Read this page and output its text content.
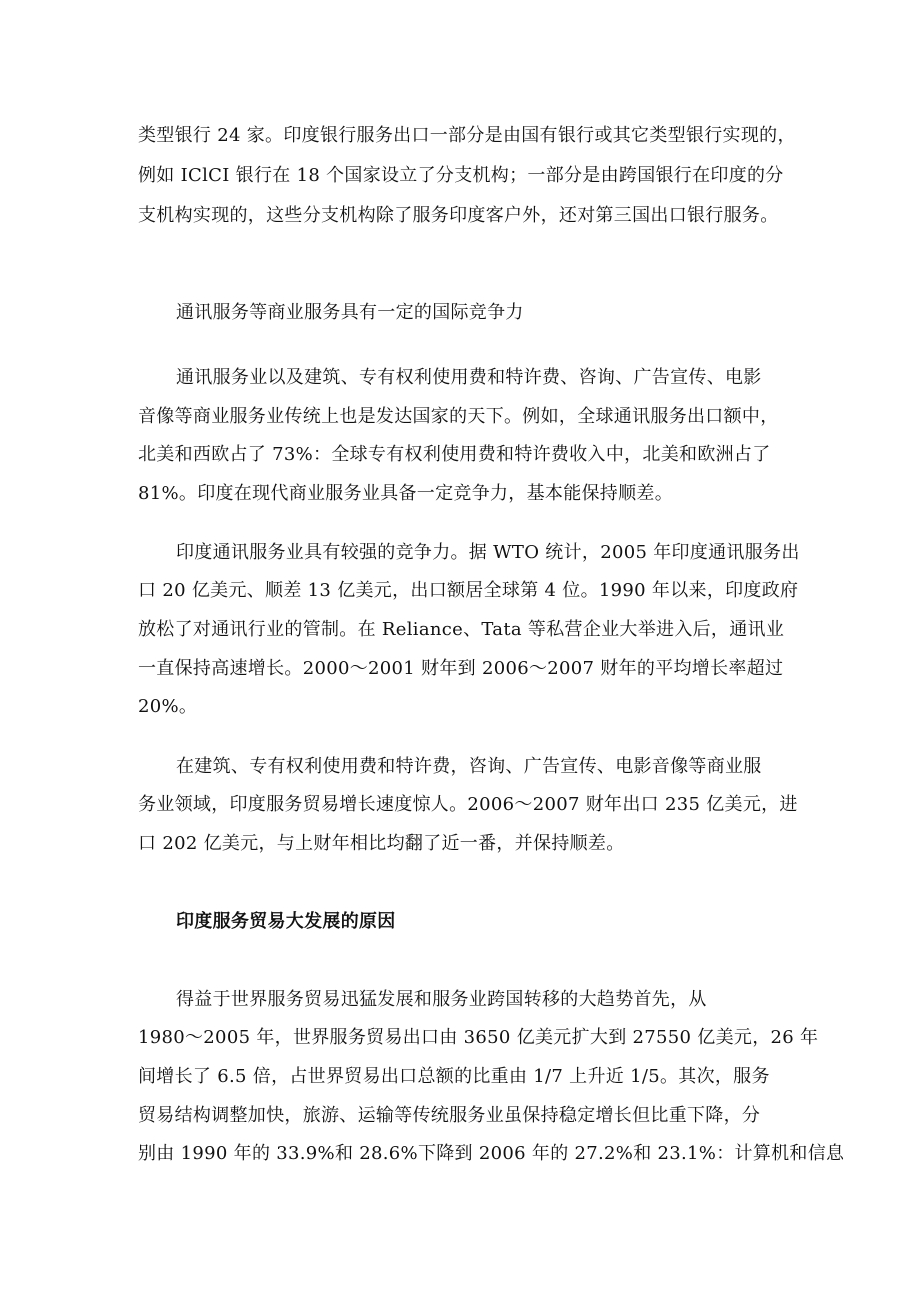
类型银行 24 家。印度银行服务出口一部分是由国有银行或其它类型银行实现的，
例如 IClCI 银行在 18 个国家设立了分支机构；一部分是由跨国银行在印度的分
支机构实现的，这些分支机构除了服务印度客户外，还对第三国出口银行服务。
通讯服务等商业服务具有一定的国际竞争力
通讯服务业以及建筑、专有权利使用费和特许费、咨询、广告宣传、电影
音像等商业服务业传统上也是发达国家的天下。例如，全球通讯服务出口额中，
北美和西欧占了 73%：全球专有权利使用费和特许费收入中，北美和欧洲占了
81%。印度在现代商业服务业具备一定竞争力，基本能保持顺差。
印度通讯服务业具有较强的竞争力。据 WTO 统计，2005 年印度通讯服务出
口 20 亿美元、顺差 13 亿美元，出口额居全球第 4 位。1990 年以来，印度政府
放松了对通讯行业的管制。在 Reliance、Tata 等私营企业大举进入后，通讯业
一直保持高速增长。2000～2001 财年到 2006～2007 财年的平均增长率超过
20%。
在建筑、专有权利使用费和特许费，咨询、广告宣传、电影音像等商业服
务业领域，印度服务贸易增长速度惊人。2006～2007 财年出口 235 亿美元，进
口 202 亿美元，与上财年相比均翻了近一番，并保持顺差。
印度服务贸易大发展的原因
得益于世界服务贸易迅猛发展和服务业跨国转移的大趋势首先，从
1980～2005 年，世界服务贸易出口由 3650 亿美元扩大到 27550 亿美元，26 年
间增长了 6.5 倍，占世界贸易出口总额的比重由 1/7 上升近 1/5。其次，服务
贸易结构调整加快，旅游、运输等传统服务业虽保持稳定增长但比重下降，分
别由 1990 年的 33.9%和 28.6%下降到 2006 年的 27.2%和 23.1%：计算机和信息
